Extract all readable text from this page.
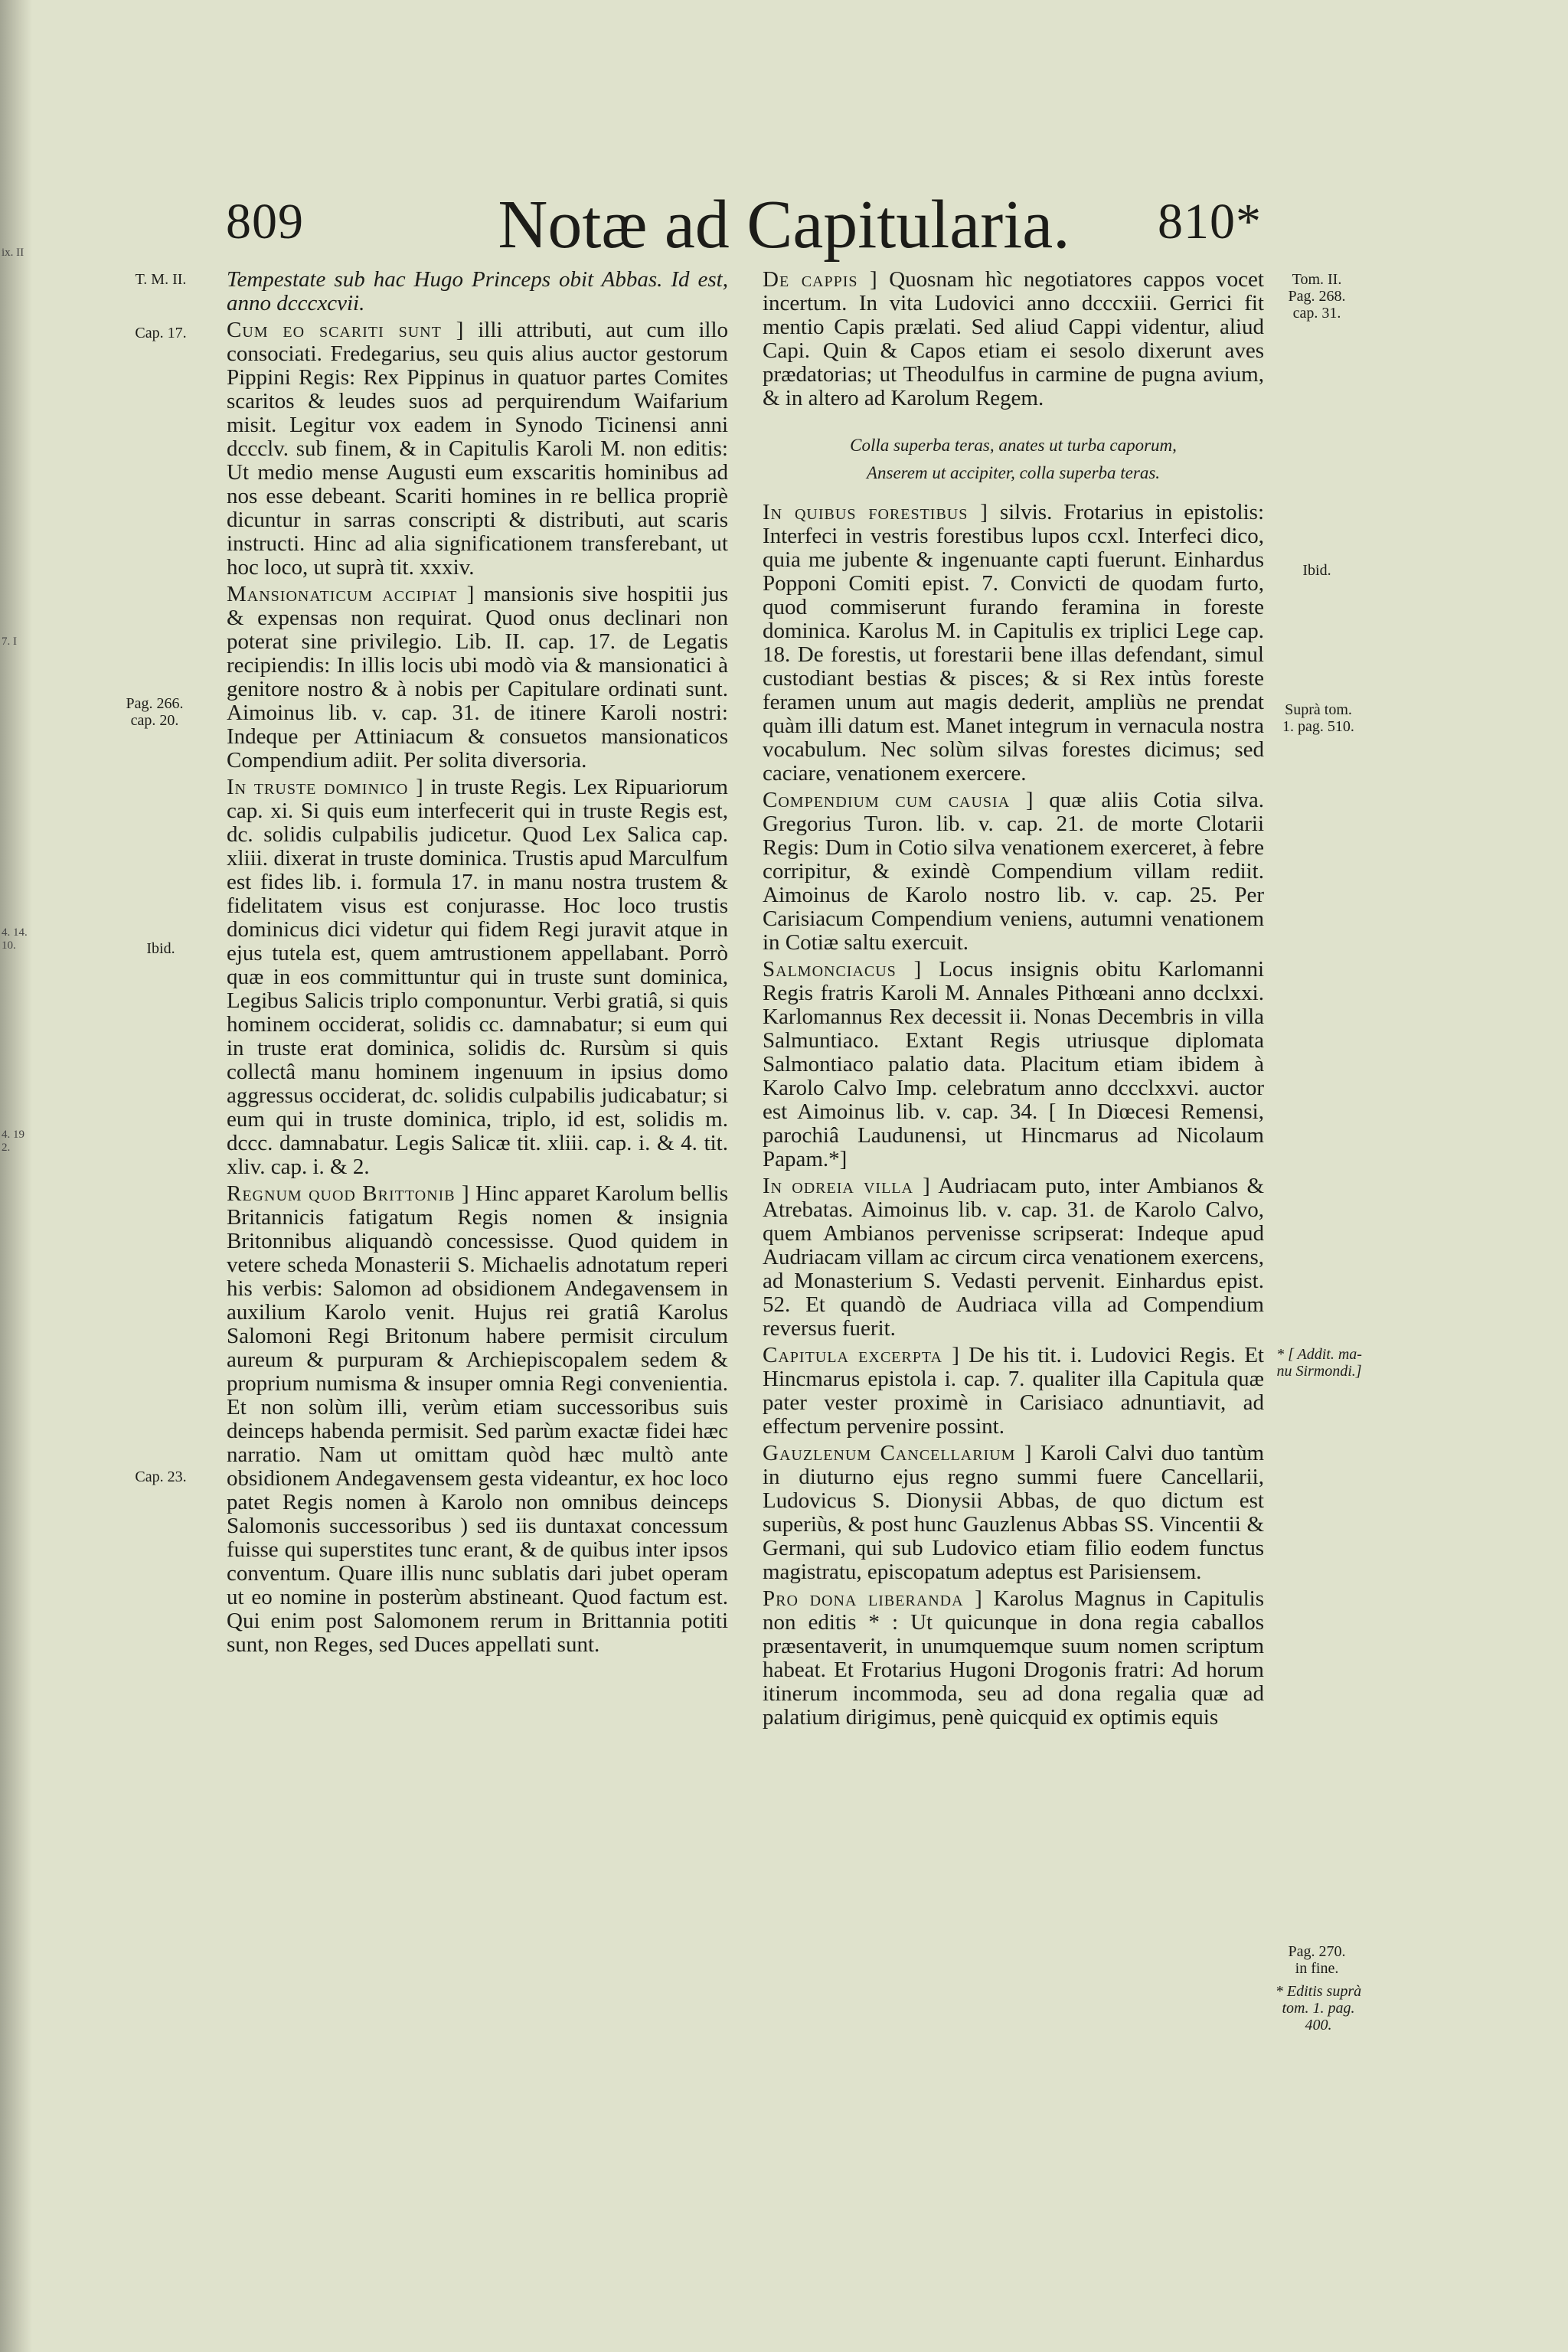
ix. II
7. I
4. 14.
10.
4. 19
2.
809	Notæ ad Capitularia.	810*
T. M. II.
Cap. 17.
Pag. 266.
cap. 20.
Ibid.
Cap. 23.
Tom. II.
Pag. 268.
cap. 31.
Ibid.
Suprà tom.
1. pag. 510.
* [ Addit. ma-
nu Sirmondi.]
Pag. 270.
in fine.
* Editis suprà
tom. 1. pag.
400.

Tempestate sub hac Hugo Princeps obit Abbas. Id est, anno dcccxcvii.

Cum eo scariti sunt ] illi attributi, aut cum illo consociati. Fredegarius, seu quis alius auctor gestorum Pippini Regis: Rex Pippinus in quatuor partes Comites scaritos & leudes suos ad perquirendum Waifarium misit. Legitur vox eadem in Synodo Ticinensi anni dccclv. sub finem, & in Capitulis Karoli M. non editis: Ut medio mense Augusti eum exscaritis hominibus ad nos esse debeant. Scariti homines in re bellica propriè dicuntur in sarras conscripti & distributi, aut scaris instructi. Hinc ad alia significationem transferebant, ut hoc loco, ut suprà tit. xxxiv.

Mansionaticum accipiat ] mansionis sive hospitii jus & expensas non requirat. Quod onus declinari non poterat sine privilegio. Lib. II. cap. 17. de Legatis recipiendis: In illis locis ubi modò via & mansionatici à genitore nostro & à nobis per Capitulare ordinati sunt. Aimoinus lib. v. cap. 31. de itinere Karoli nostri: Indeque per Attiniacum & consuetos mansionaticos Compendium adiit. Per solita diversoria.

In truste dominico ] in truste Regis. Lex Ripuariorum cap. xi. Si quis eum interfecerit qui in truste Regis est, dc. solidis culpabilis judicetur. Quod Lex Salica cap. xliii. dixerat in truste dominica. Trustis apud Marculfum est fides lib. i. formula 17. in manu nostra trustem & fidelitatem visus est conjurasse. Hoc loco trustis dominicus dici videtur qui fidem Regi juravit atque in ejus tutela est, quem amtrustionem appellabant. Porrò quæ in eos committuntur qui in truste sunt dominica, Legibus Salicis triplo componuntur. Verbi gratiâ, si quis hominem occiderat, solidis cc. damnabatur; si eum qui in truste erat dominica, solidis dc. Rursùm si quis collectâ manu hominem ingenuum in ipsius domo aggressus occiderat, dc. solidis culpabilis judicabatur; si eum qui in truste dominica, triplo, id est, solidis m. dccc. damnabatur. Legis Salicæ tit. xliii. cap. i. & 4. tit. xliv. cap. i. & 2.

Regnum quod Brittonib ] Hinc apparet Karolum bellis Britannicis fatigatum Regis nomen & insignia Britonnibus aliquandò concessisse. Quod quidem in vetere scheda Monasterii S. Michaelis adnotatum reperi his verbis: Salomon ad obsidionem Andegavensem in auxilium Karolo venit. Hujus rei gratiâ Karolus Salomoni Regi Britonum habere permisit circulum aureum & purpuram & Archiepiscopalem sedem & proprium numisma & insuper omnia Regi convenientia. Et non solùm illi, verùm etiam successoribus suis deinceps habenda permisit. Sed parùm exactæ fidei hæc narratio. Nam ut omittam quòd hæc multò ante obsidionem Andegavensem gesta videantur, ex hoc loco patet Regis nomen à Karolo non omnibus deinceps Salomonis successoribus ) sed iis duntaxat concessum fuisse qui superstites tunc erant, & de quibus inter ipsos conventum. Quare illis nunc sublatis dari jubet operam ut eo nomine in posterùm abstineant. Quod factum est. Qui enim post Salomonem rerum in Brittannia potiti sunt, non Reges, sed Duces appellati sunt.

De cappis ] Quosnam hìc negotiatores cappos vocet incertum. In vita Ludovici anno dcccxiii. Gerrici fit mentio Capis prælati. Sed aliud Cappi videntur, aliud Capi. Quin & Capos etiam ei sesolo dixerunt aves prædatorias; ut Theodulfus in carmine de pugna avium, & in altero ad Karolum Regem.

Colla superba teras, anates ut turba caporum,
Anserem ut accipiter, colla superba teras.

In quibus forestibus ] silvis. Frotarius in epistolis: Interfeci in vestris forestibus lupos ccxl. Interfeci dico, quia me jubente & ingenuante capti fuerunt. Einhardus Popponi Comiti epist. 7. Convicti de quodam furto, quod commiserunt furando feramina in foreste dominica. Karolus M. in Capitulis ex triplici Lege cap. 18. De forestis, ut forestarii bene illas defendant, simul custodiant bestias & pisces; & si Rex intùs foreste feramen unum aut magis dederit, ampliùs ne prendat quàm illi datum est. Manet integrum in vernacula nostra vocabulum. Nec solùm silvas forestes dicimus; sed caciare, venationem exercere.

Compendium cum causia ] quæ aliis Cotia silva. Gregorius Turon. lib. v. cap. 21. de morte Clotarii Regis: Dum in Cotio silva venationem exerceret, à febre corripitur, & exindè Compendium villam rediit. Aimoinus de Karolo nostro lib. v. cap. 25. Per Carisiacum Compendium veniens, autumni venationem in Cotiæ saltu exercuit.

Salmonciacus ] Locus insignis obitu Karlomanni Regis fratris Karoli M. Annales Pithœani anno dcclxxi. Karlomannus Rex decessit ii. Nonas Decembris in villa Salmuntiaco. Extant Regis utriusque diplomata Salmontiaco palatio data. Placitum etiam ibidem à Karolo Calvo Imp. celebratum anno dccclxxvi. auctor est Aimoinus lib. v. cap. 34. [ In Diœcesi Remensi, parochiâ Laudunensi, ut Hincmarus ad Nicolaum Papam.*]

In odreia villa ] Audriacam puto, inter Ambianos & Atrebatas. Aimoinus lib. v. cap. 31. de Karolo Calvo, quem Ambianos pervenisse scripserat: Indeque apud Audriacam villam ac circum circa venationem exercens, ad Monasterium S. Vedasti pervenit. Einhardus epist. 52. Et quandò de Audriaca villa ad Compendium reversus fuerit.

Capitula excerpta ] De his tit. i. Ludovici Regis. Et Hincmarus epistola i. cap. 7. qualiter illa Capitula quæ pater vester proximè in Carisiaco adnuntiavit, ad effectum pervenire possint.

Gauzlenum Cancellarium ] Karoli Calvi duo tantùm in diuturno ejus regno summi fuere Cancellarii, Ludovicus S. Dionysii Abbas, de quo dictum est superiùs, & post hunc Gauzlenus Abbas SS. Vincentii & Germani, qui sub Ludovico etiam filio eodem functus magistratu, episcopatum adeptus est Parisiensem.

Pro dona liberanda ] Karolus Magnus in Capitulis non editis * : Ut quicunque in dona regia caballos præsentaverit, in unumquemque suum nomen scriptum habeat. Et Frotarius Hugoni Drogonis fratri: Ad horum itinerum incommoda, seu ad dona regalia quæ ad palatium dirigimus, penè quicquid ex optimis equis
